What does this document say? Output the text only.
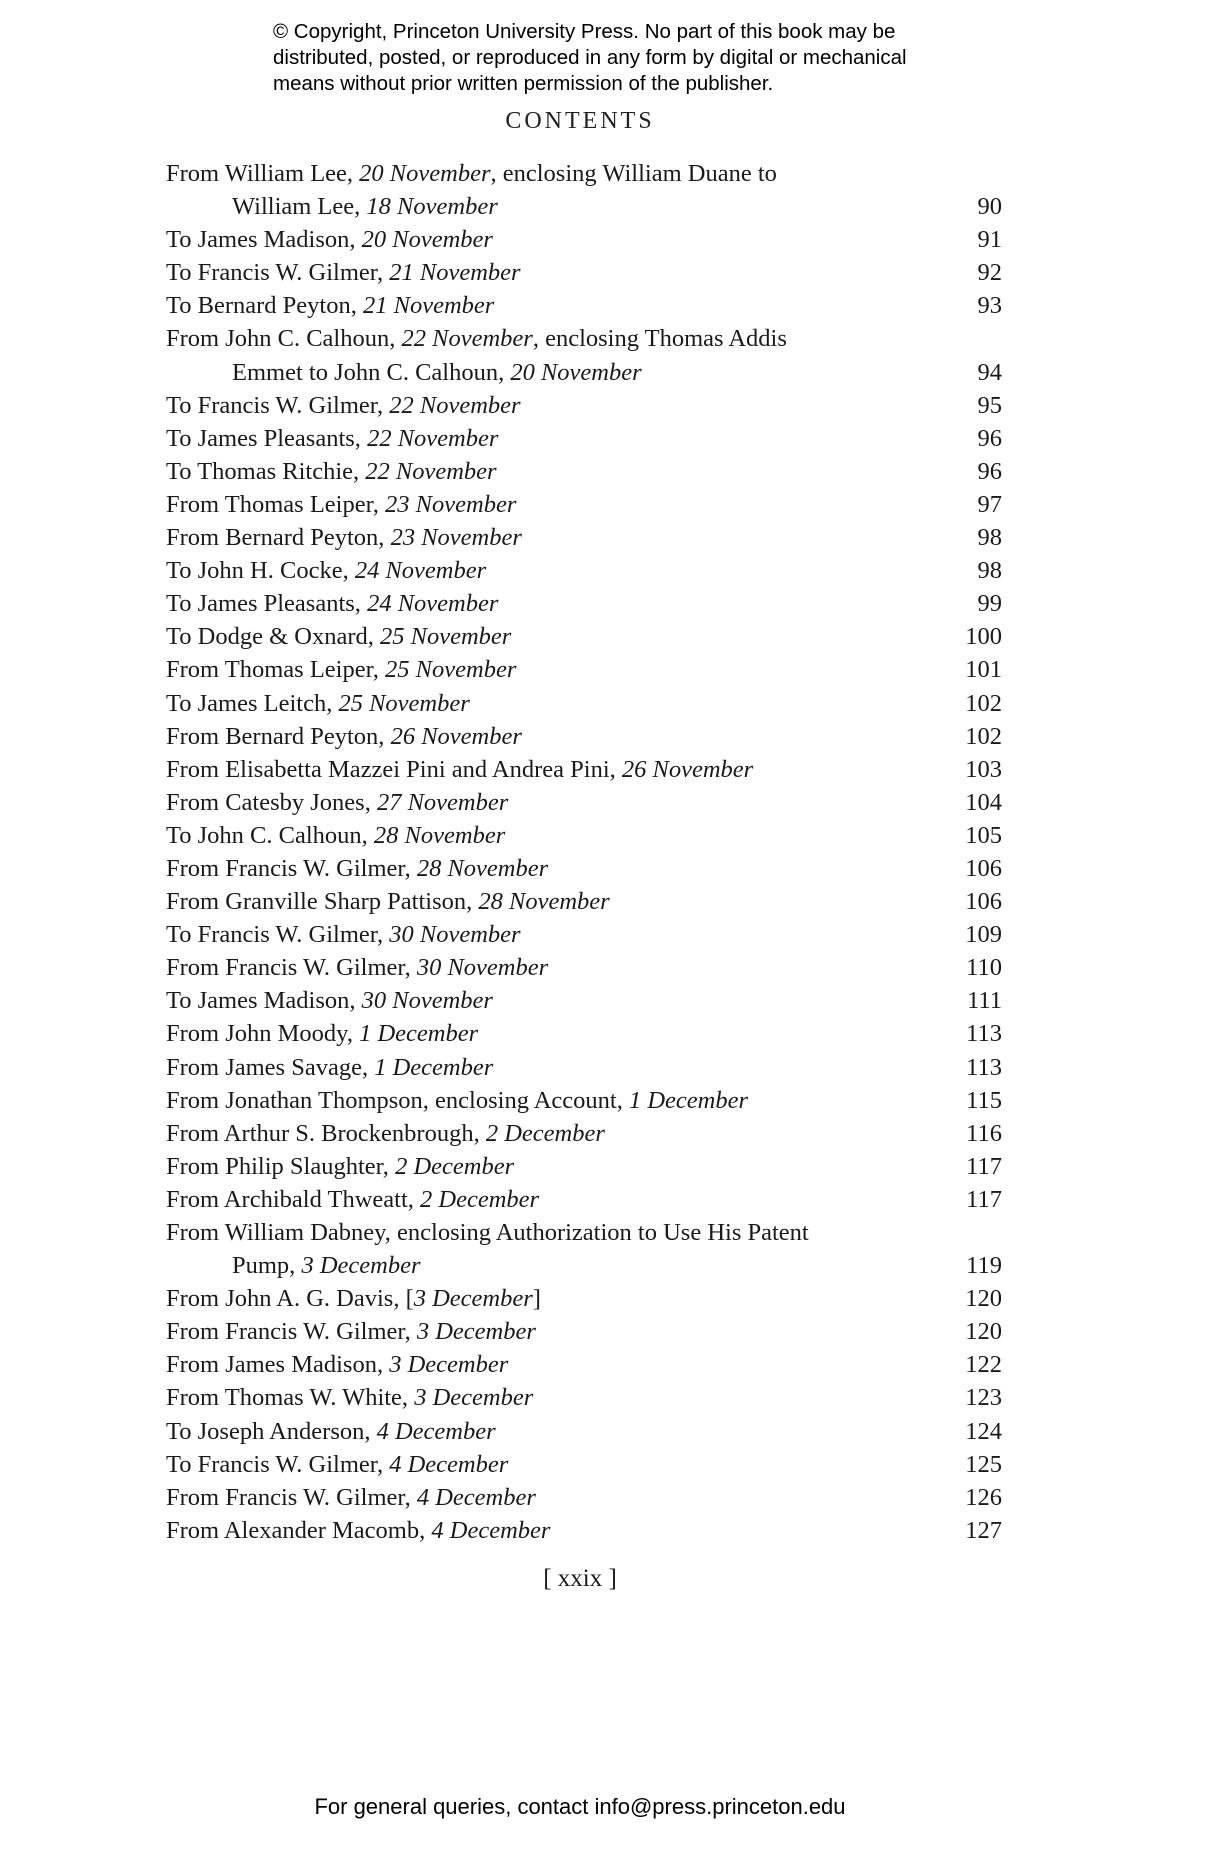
© Copyright, Princeton University Press. No part of this book may be
distributed, posted, or reproduced in any form by digital or mechanical
means without prior written permission of the publisher.
CONTENTS
From William Lee, 20 November, enclosing William Duane to
William Lee, 18 November	90
To James Madison, 20 November	91
To Francis W. Gilmer, 21 November	92
To Bernard Peyton, 21 November	93
From John C. Calhoun, 22 November, enclosing Thomas Addis
Emmet to John C. Calhoun, 20 November	94
To Francis W. Gilmer, 22 November	95
To James Pleasants, 22 November	96
To Thomas Ritchie, 22 November	96
From Thomas Leiper, 23 November	97
From Bernard Peyton, 23 November	98
To John H. Cocke, 24 November	98
To James Pleasants, 24 November	99
To Dodge & Oxnard, 25 November	100
From Thomas Leiper, 25 November	101
To James Leitch, 25 November	102
From Bernard Peyton, 26 November	102
From Elisabetta Mazzei Pini and Andrea Pini, 26 November	103
From Catesby Jones, 27 November	104
To John C. Calhoun, 28 November	105
From Francis W. Gilmer, 28 November	106
From Granville Sharp Pattison, 28 November	106
To Francis W. Gilmer, 30 November	109
From Francis W. Gilmer, 30 November	110
To James Madison, 30 November	111
From John Moody, 1 December	113
From James Savage, 1 December	113
From Jonathan Thompson, enclosing Account, 1 December	115
From Arthur S. Brockenbrough, 2 December	116
From Philip Slaughter, 2 December	117
From Archibald Thweatt, 2 December	117
From William Dabney, enclosing Authorization to Use His Patent
Pump, 3 December	119
From John A. G. Davis, [3 December]	120
From Francis W. Gilmer, 3 December	120
From James Madison, 3 December	122
From Thomas W. White, 3 December	123
To Joseph Anderson, 4 December	124
To Francis W. Gilmer, 4 December	125
From Francis W. Gilmer, 4 December	126
From Alexander Macomb, 4 December	127
[ xxix ]
For general queries, contact info@press.princeton.edu
